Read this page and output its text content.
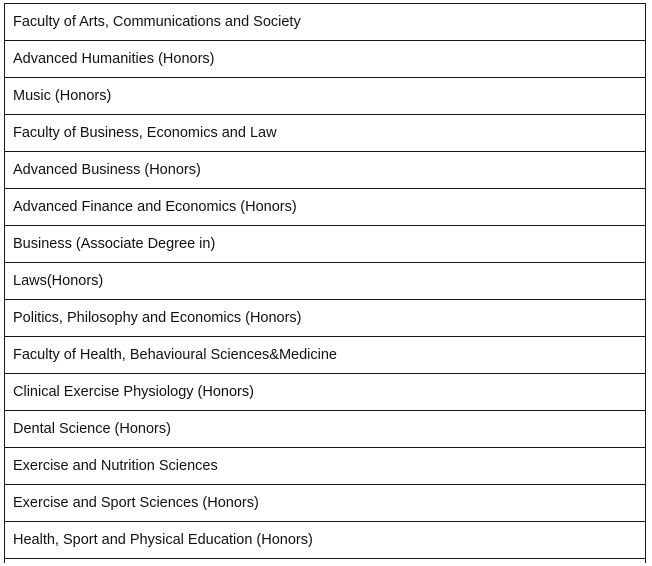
Faculty of Arts, Communications and Society
Advanced Humanities (Honors)
Music (Honors)
Faculty of Business, Economics and Law
Advanced Business (Honors)
Advanced Finance and Economics (Honors)
Business (Associate Degree in)
Laws(Honors)
Politics, Philosophy and Economics (Honors)
Faculty of Health, Behavioural Sciences&Medicine
Clinical Exercise Physiology (Honors)
Dental Science (Honors)
Exercise and Nutrition Sciences
Exercise and Sport Sciences (Honors)
Health, Sport and Physical Education (Honors)
